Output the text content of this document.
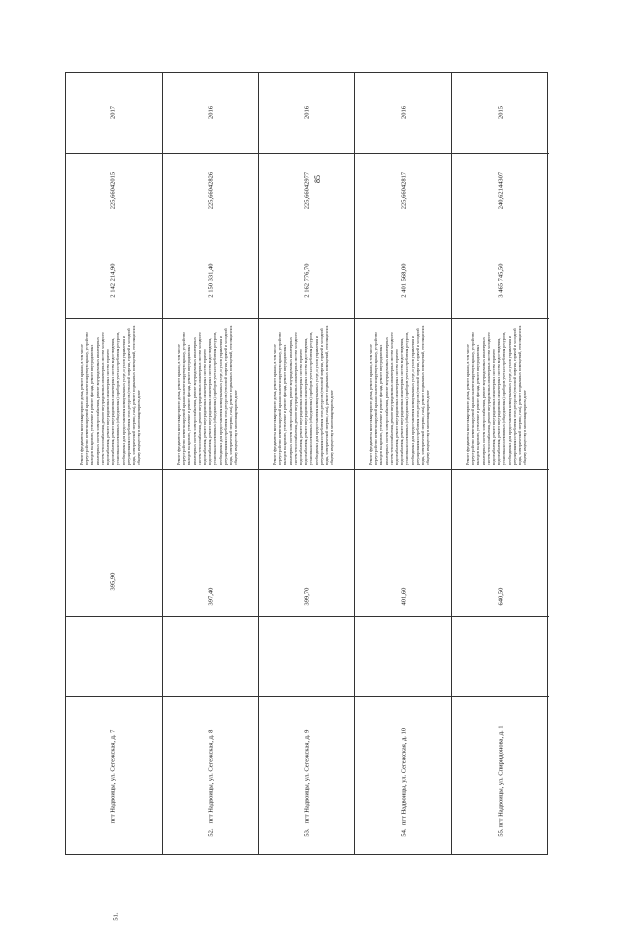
85
51.
пгт Надвоицы, ул. Сегежская, д. 7
395,90
Ремонт фундамента многоквартирного дома, ремонт крыши, в том числе переустройство невентилируемой крыши на вентилируемую крышу, устройство выходов на кровлю, утепление и ремонт фасада, ремонт внутридомовых инженерных систем электроснабжения, ремонт внутридомовых инженерных систем теплоснабжения, ремонт внутридомовых инженерных систем холодного водоснабжения, ремонт внутридомовых инженерных систем горячего водоснабжения, ремонт внутридомовых инженерных систем водоотведения, установка коллективных (общедомовых) приборов учета потребления ресурсов, необходимых для предоставления коммунальных услуг, и узлов управления и регулирования потребления этих ресурсов (тепловой энергии, горячей и холодной воды, электрической энергии, газа), ремонт подвальных помещений, относящихся к общему имуществу в многоквартирном доме
2 142 214,90
225,66042015
2017
52.
пгт Надвоицы, ул. Сегежская, д. 8
397,40
Ремонт фундамента многоквартирного дома, ремонт крыши, в том числе переустройство невентилируемой крыши на вентилируемую крышу, устройство выходов на кровлю, утепление и ремонт фасада, ремонт внутридомовых инженерных систем электроснабжения, ремонт внутридомовых инженерных систем теплоснабжения, ремонт внутридомовых инженерных систем холодного водоснабжения, ремонт внутридомовых инженерных систем горячего водоснабжения, ремонт внутридомовых инженерных систем водоотведения, установка коллективных (общедомовых) приборов учета потребления ресурсов, необходимых для предоставления коммунальных услуг, и узлов управления и регулирования потребления этих ресурсов (тепловой энергии, горячей и холодной воды, электрической энергии, газа), ремонт подвальных помещений, относящихся к общему имуществу в многоквартирном доме
2 150 331,40
225,66042826
2016
53.
пгт Надвоицы, ул. Сегежская, д. 9
399,70
Ремонт фундамента многоквартирного дома, ремонт крыши, в том числе переустройство невентилируемой крыши на вентилируемую крышу, устройство выходов на кровлю, утепление и ремонт фасада, ремонт внутридомовых инженерных систем электроснабжения, ремонт внутридомовых инженерных систем теплоснабжения, ремонт внутридомовых инженерных систем холодного водоснабжения, ремонт внутридомовых инженерных систем горячего водоснабжения, ремонт внутридомовых инженерных систем водоотведения, установка коллективных (общедомовых) приборов учета потребления ресурсов, необходимых для предоставления коммунальных услуг, и узлов управления и регулирования потребления этих ресурсов (тепловой энергии, горячей и холодной воды, электрической энергии, газа), ремонт подвальных помещений, относящихся к общему имуществу в многоквартирном доме
2 162 776,70
225,66042977
2016
54.
пгт Надвоицы, ул. Сегежская, д. 10
401,60
Ремонт фундамента многоквартирного дома, ремонт крыши, в том числе переустройство невентилируемой крыши на вентилируемую крышу, устройство выходов на кровлю, утепление и ремонт фасада, ремонт внутридомовых инженерных систем электроснабжения, ремонт внутридомовых инженерных систем теплоснабжения, ремонт внутридомовых инженерных систем холодного водоснабжения, ремонт внутридомовых инженерных систем горячего водоснабжения, ремонт внутридомовых инженерных систем водоотведения, установка коллективных (общедомовых) приборов учета потребления ресурсов, необходимых для предоставления коммунальных услуг, и узлов управления и регулирования потребления этих ресурсов (тепловой энергии, горячей и холодной воды, электрической энергии, газа), ремонт подвальных помещений, относящихся к общему имуществу в многоквартирном доме
2 401 568,00
225,66042817
2016
55.
пгт Надвоицы, ул. Спиридонова, д. 1
640,50
Ремонт фундамента многоквартирного дома, ремонт крыши, в том числе переустройство невентилируемой крыши на вентилируемую крышу, устройство выходов на кровлю, утепление и ремонт фасада, ремонт внутридомовых инженерных систем электроснабжения, ремонт внутридомовых инженерных систем теплоснабжения, ремонт внутридомовых инженерных систем холодного водоснабжения, ремонт внутридомовых инженерных систем горячего водоснабжения, ремонт внутридомовых инженерных систем водоотведения, установка коллективных (общедомовых) приборов учета потребления ресурсов, необходимых для предоставления коммунальных услуг, и узлов управления и регулирования потребления этих ресурсов (тепловой энергии, горячей и холодной воды, электрической энергии, газа), ремонт подвальных помещений, относящихся к общему имуществу в многоквартирном доме
3 465 745,50
240,62144307
2015
